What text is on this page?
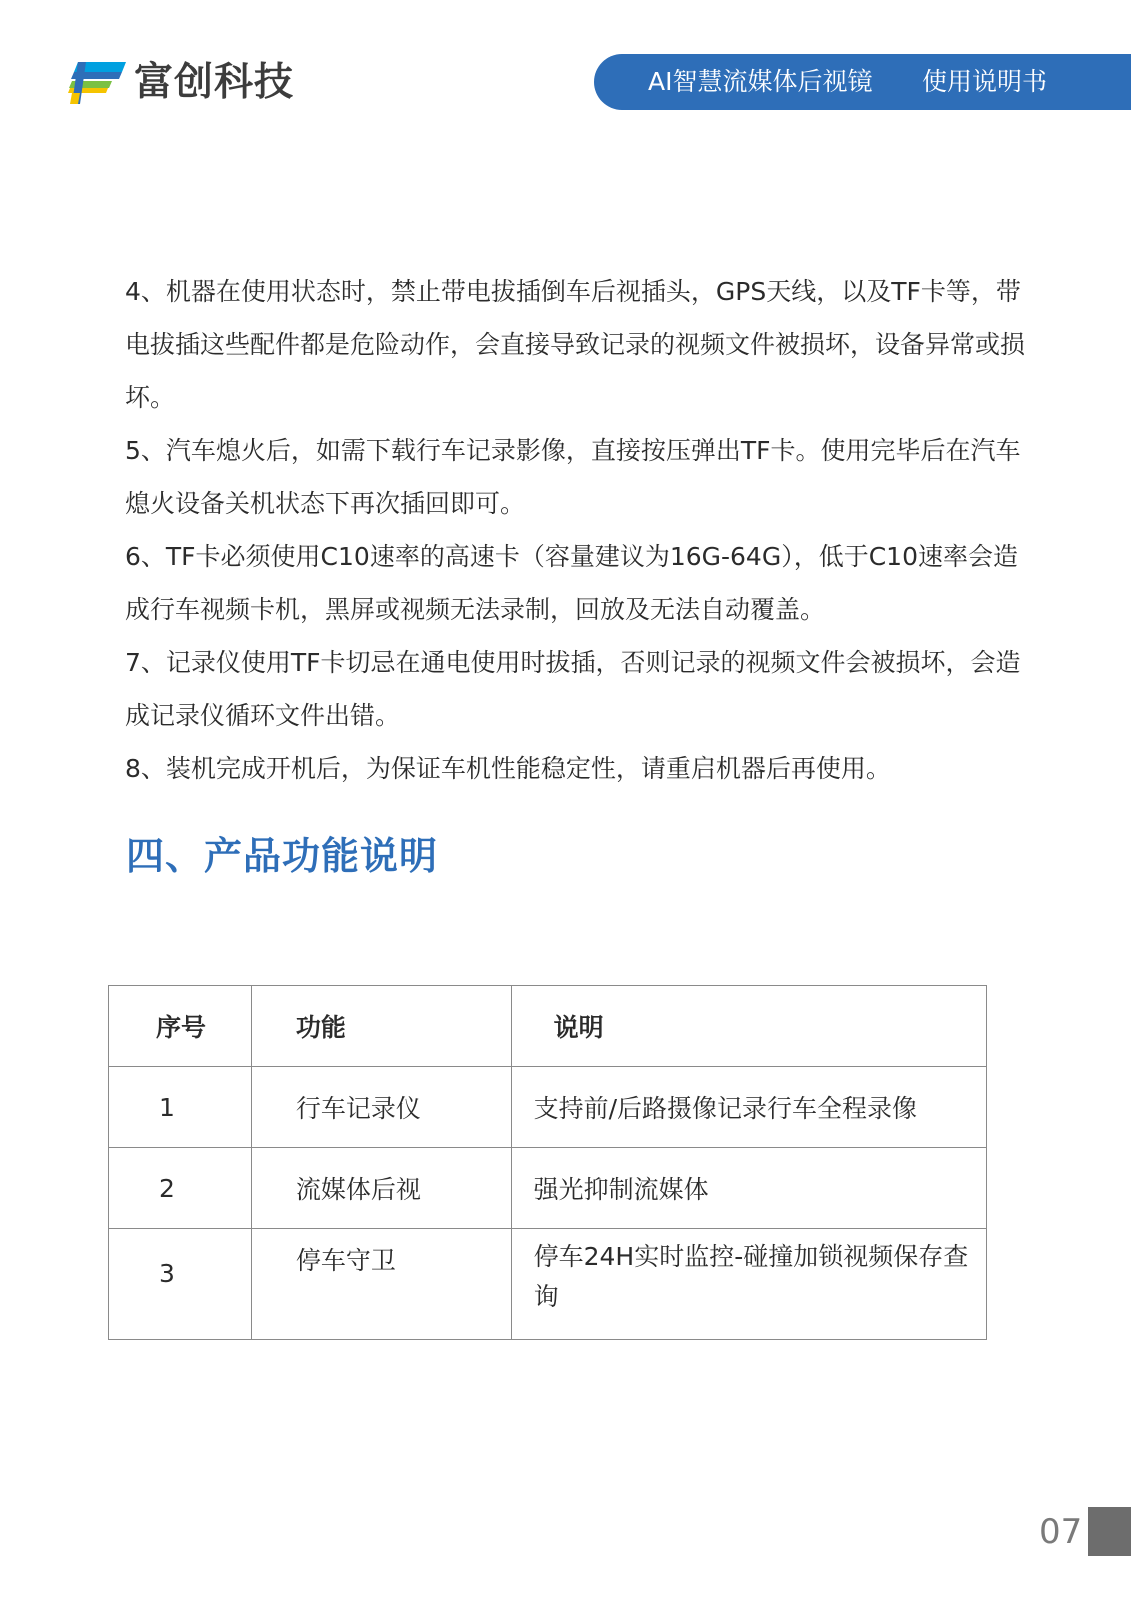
富创科技	AI智慧流媒体后视镜 使用说明书

4、机器在使用状态时，禁止带电拔插倒车后视插头，GPS天线，以及TF卡等，带电拔插这些配件都是危险动作，会直接导致记录的视频文件被损坏，设备异常或损坏。

5、汽车熄火后，如需下载行车记录影像，直接按压弹出TF卡。使用完毕后在汽车熄火设备关机状态下再次插回即可。

6、TF卡必须使用C10速率的高速卡（容量建议为16G-64G），低于C10速率会造成行车视频卡机，黑屏或视频无法录制，回放及无法自动覆盖。

7、记录仪使用TF卡切忌在通电使用时拔插，否则记录的视频文件会被损坏，会造成记录仪循环文件出错。

8、装机完成开机后，为保证车机性能稳定性，请重启机器后再使用。

四、产品功能说明
序号	功能	说明

1	行车记录仪	支持前/后路摄像记录行车全程录像

2	流媒体后视	强光抑制流媒体

3	停车守卫	停车24H实时监控-碰撞加锁视频保存查询
07
